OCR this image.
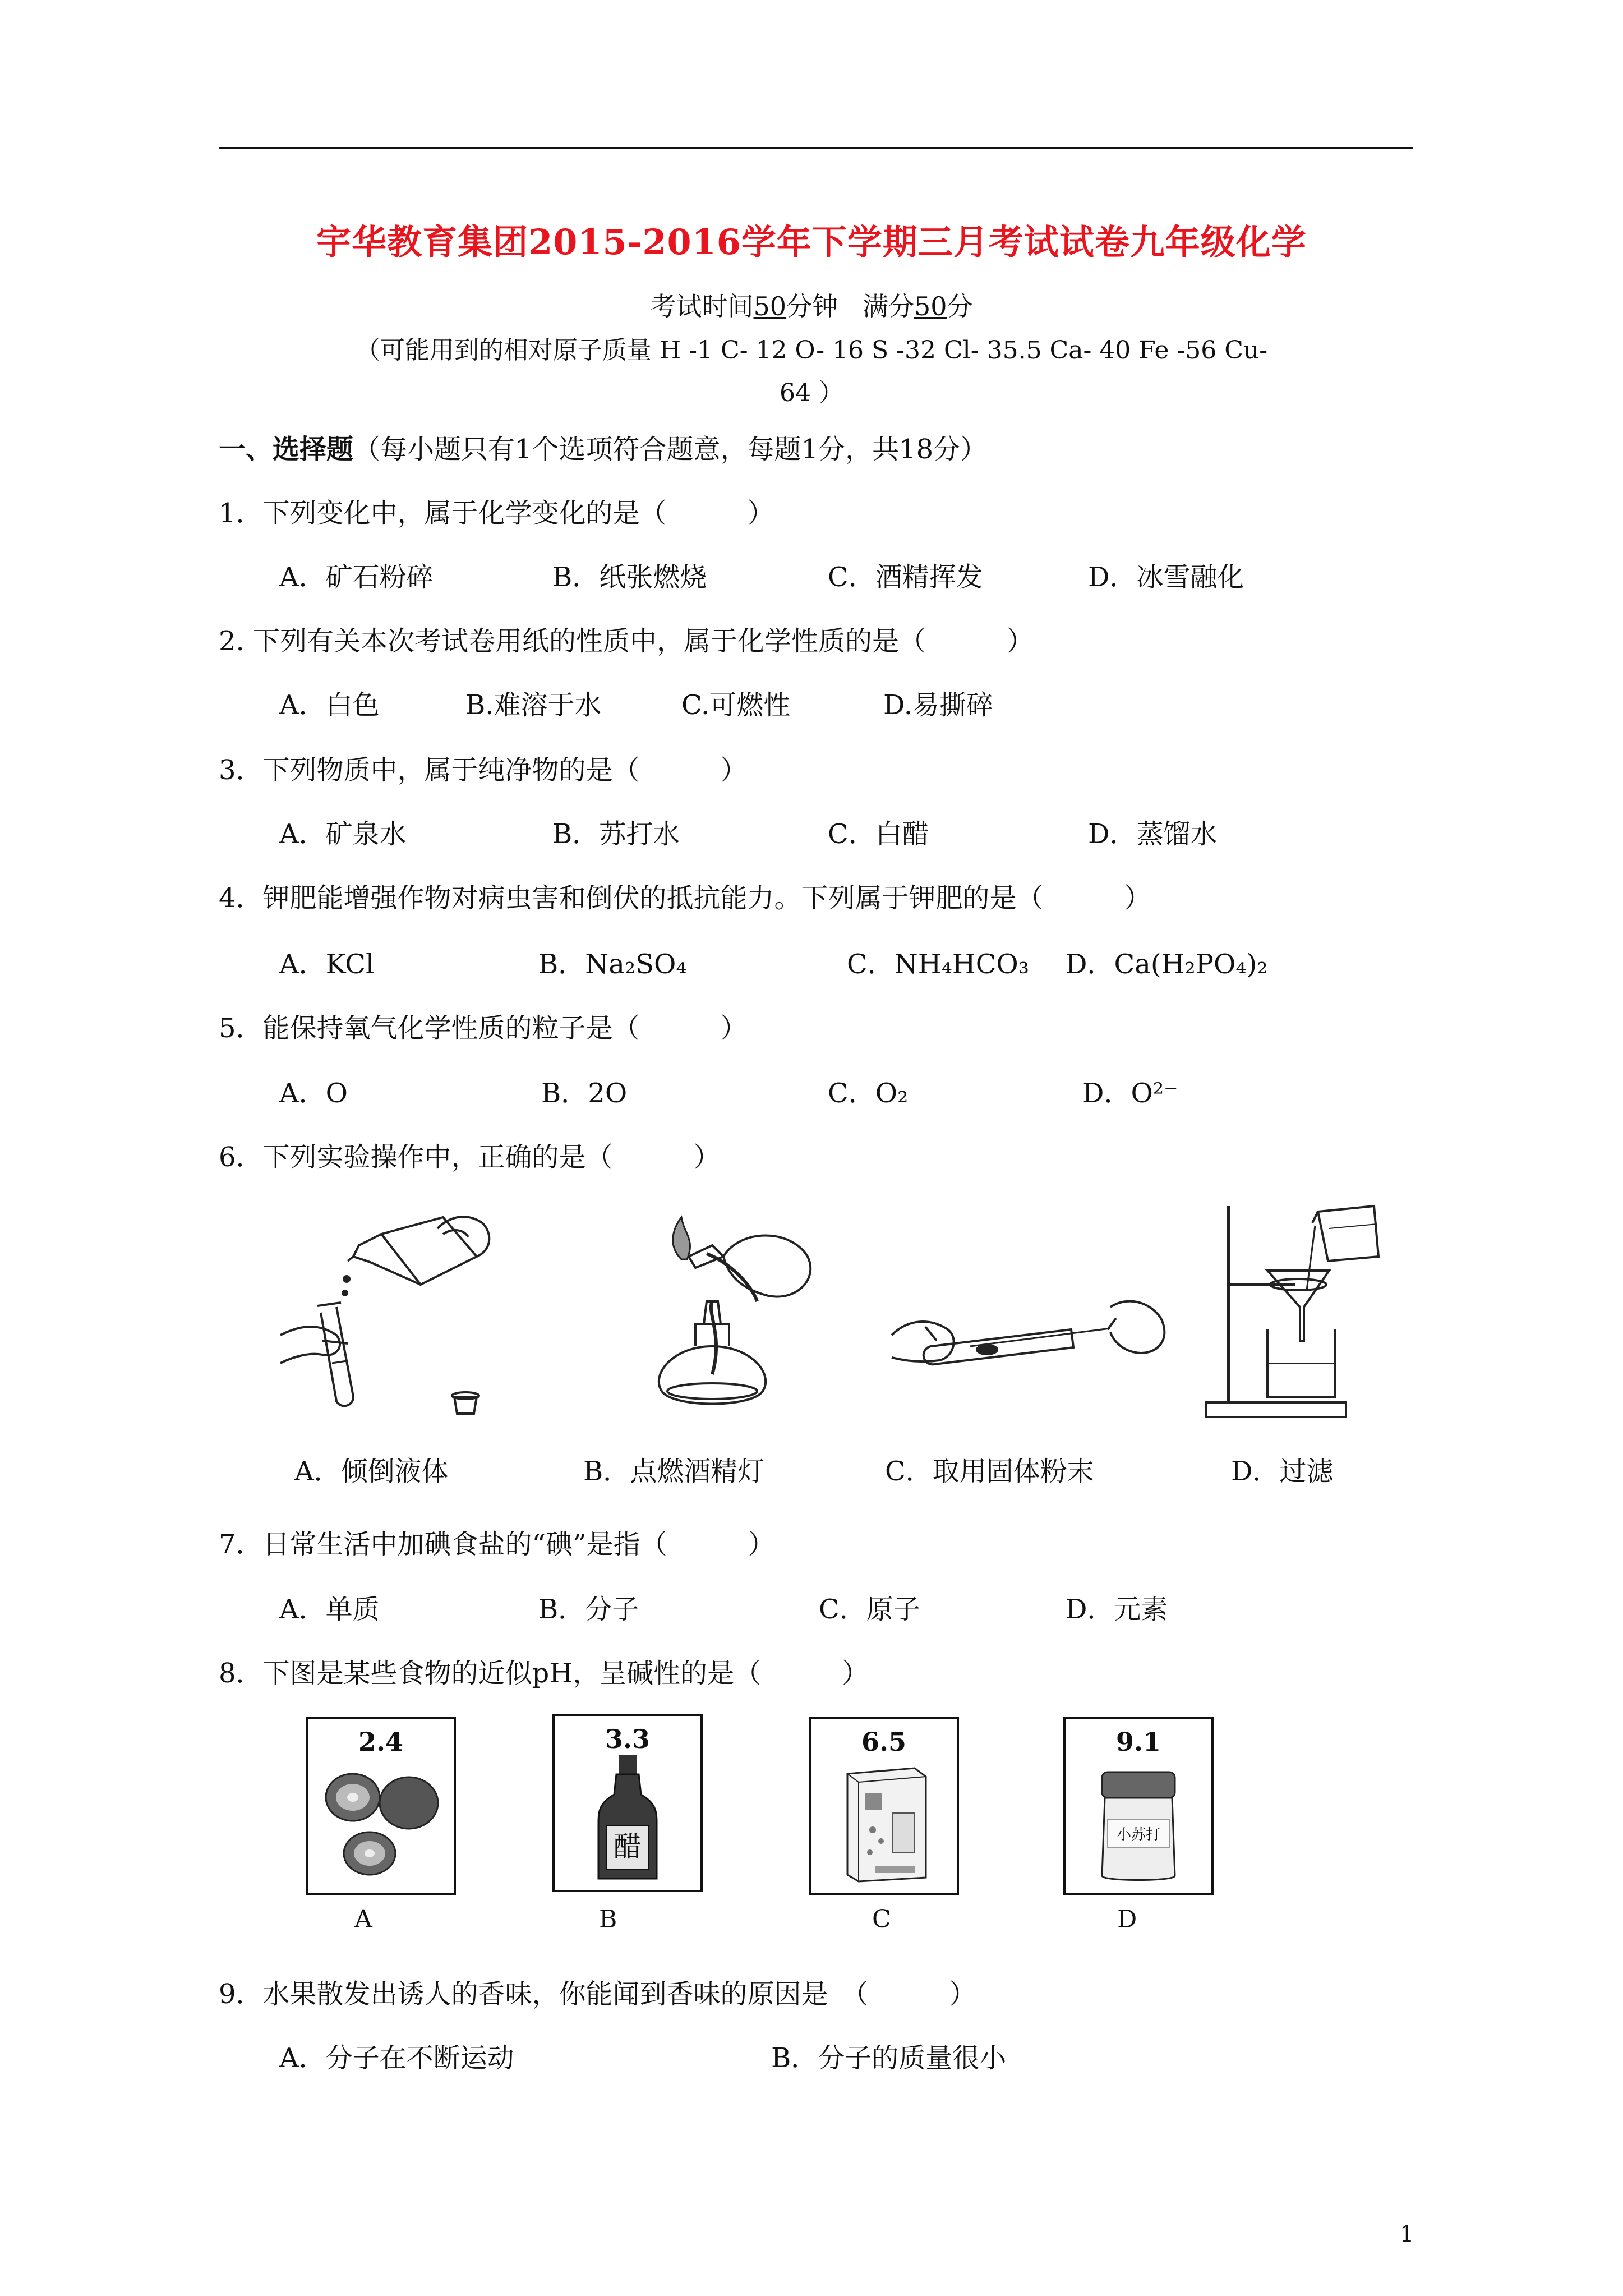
宇华教育集团2015-2016学年下学期三月考试试卷九年级化学
考试时间50分钟 满分50分
（可能用到的相对原子质量 H -1 C- 12 O- 16 S -32 Cl- 35.5 Ca- 40 Fe -56 Cu-
64 ）
一、选择题（每小题只有1个选项符合题意，每题1分，共18分）
1．下列变化中，属于化学变化的是（　　　）
A．矿石粉碎	B．纸张燃烧	C．酒精挥发	D．冰雪融化
2. 下列有关本次考试卷用纸的性质中，属于化学性质的是（　　　）
A．白色	B.难溶于水	C.可燃性	D.易撕碎
3．下列物质中，属于纯净物的是（　　　）
A．矿泉水	B．苏打水	C．白醋	D．蒸馏水
4．钾肥能增强作物对病虫害和倒伏的抵抗能力。下列属于钾肥的是（　　　）
A．KCl	B．Na₂SO₄	C．NH₄HCO₃ D．Ca(H₂PO₄)₂
5．能保持氧气化学性质的粒子是（　　　）
A．O	B．2O	C．O₂	D．O²⁻
6．下列实验操作中，正确的是（　　　）
A．倾倒液体	B．点燃酒精灯	C．取用固体粉末	D．过滤
7．日常生活中加碘食盐的“碘”是指（　　　）
A．单质	B．分子	C．原子	D．元素
8．下图是某些食物的近似pH，呈碱性的是（　　　）
2.4	3.3
醋
6.5	9.1
小苏打
A	B	C	D
9．水果散发出诱人的香味，你能闻到香味的原因是　（　　　）
A．分子在不断运动	B．分子的质量很小
1
